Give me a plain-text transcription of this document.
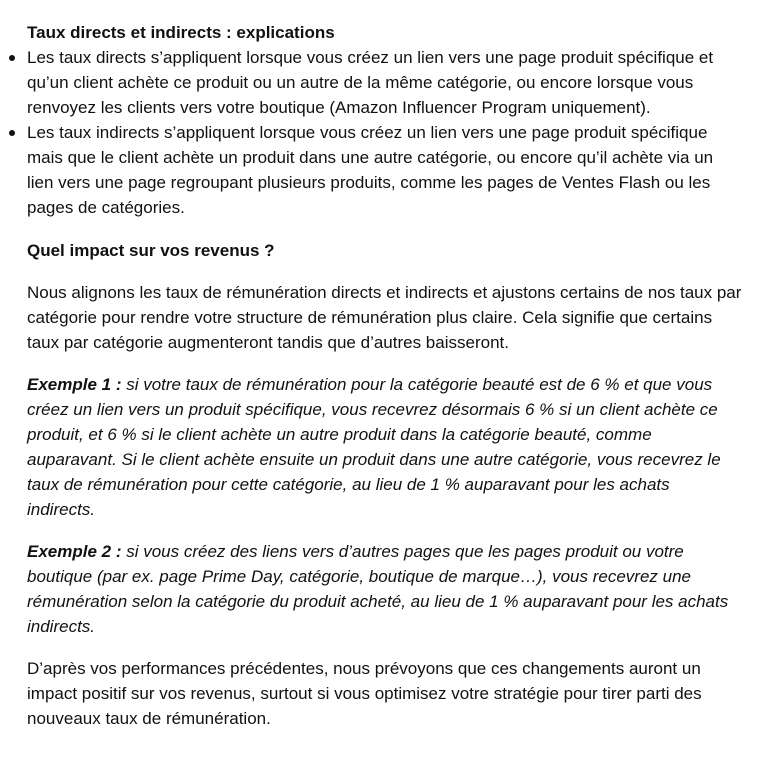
Taux directs et indirects : explications
Les taux directs s’appliquent lorsque vous créez un lien vers une page produit spécifique et qu’un client achète ce produit ou un autre de la même catégorie, ou encore lorsque vous renvoyez les clients vers votre boutique (Amazon Influencer Program uniquement).
Les taux indirects s’appliquent lorsque vous créez un lien vers une page produit spécifique mais que le client achète un produit dans une autre catégorie, ou encore qu’il achète via un lien vers une page regroupant plusieurs produits, comme les pages de Ventes Flash ou les pages de catégories.
Quel impact sur vos revenus ?

Nous alignons les taux de rémunération directs et indirects et ajustons certains de nos taux par catégorie pour rendre votre structure de rémunération plus claire. Cela signifie que certains taux par catégorie augmenteront tandis que d’autres baisseront.

Exemple 1 : si votre taux de rémunération pour la catégorie beauté est de 6 % et que vous créez un lien vers un produit spécifique, vous recevrez désormais 6 % si un client achète ce produit, et 6 % si le client achète un autre produit dans la catégorie beauté, comme auparavant. Si le client achète ensuite un produit dans une autre catégorie, vous recevrez le taux de rémunération pour cette catégorie, au lieu de 1 % auparavant pour les achats indirects.

Exemple 2 : si vous créez des liens vers d’autres pages que les pages produit ou votre boutique (par ex. page Prime Day, catégorie, boutique de marque…), vous recevrez une rémunération selon la catégorie du produit acheté, au lieu de 1 % auparavant pour les achats indirects.

D’après vos performances précédentes, nous prévoyons que ces changements auront un impact positif sur vos revenus, surtout si vous optimisez votre stratégie pour tirer parti des nouveaux taux de rémunération.
